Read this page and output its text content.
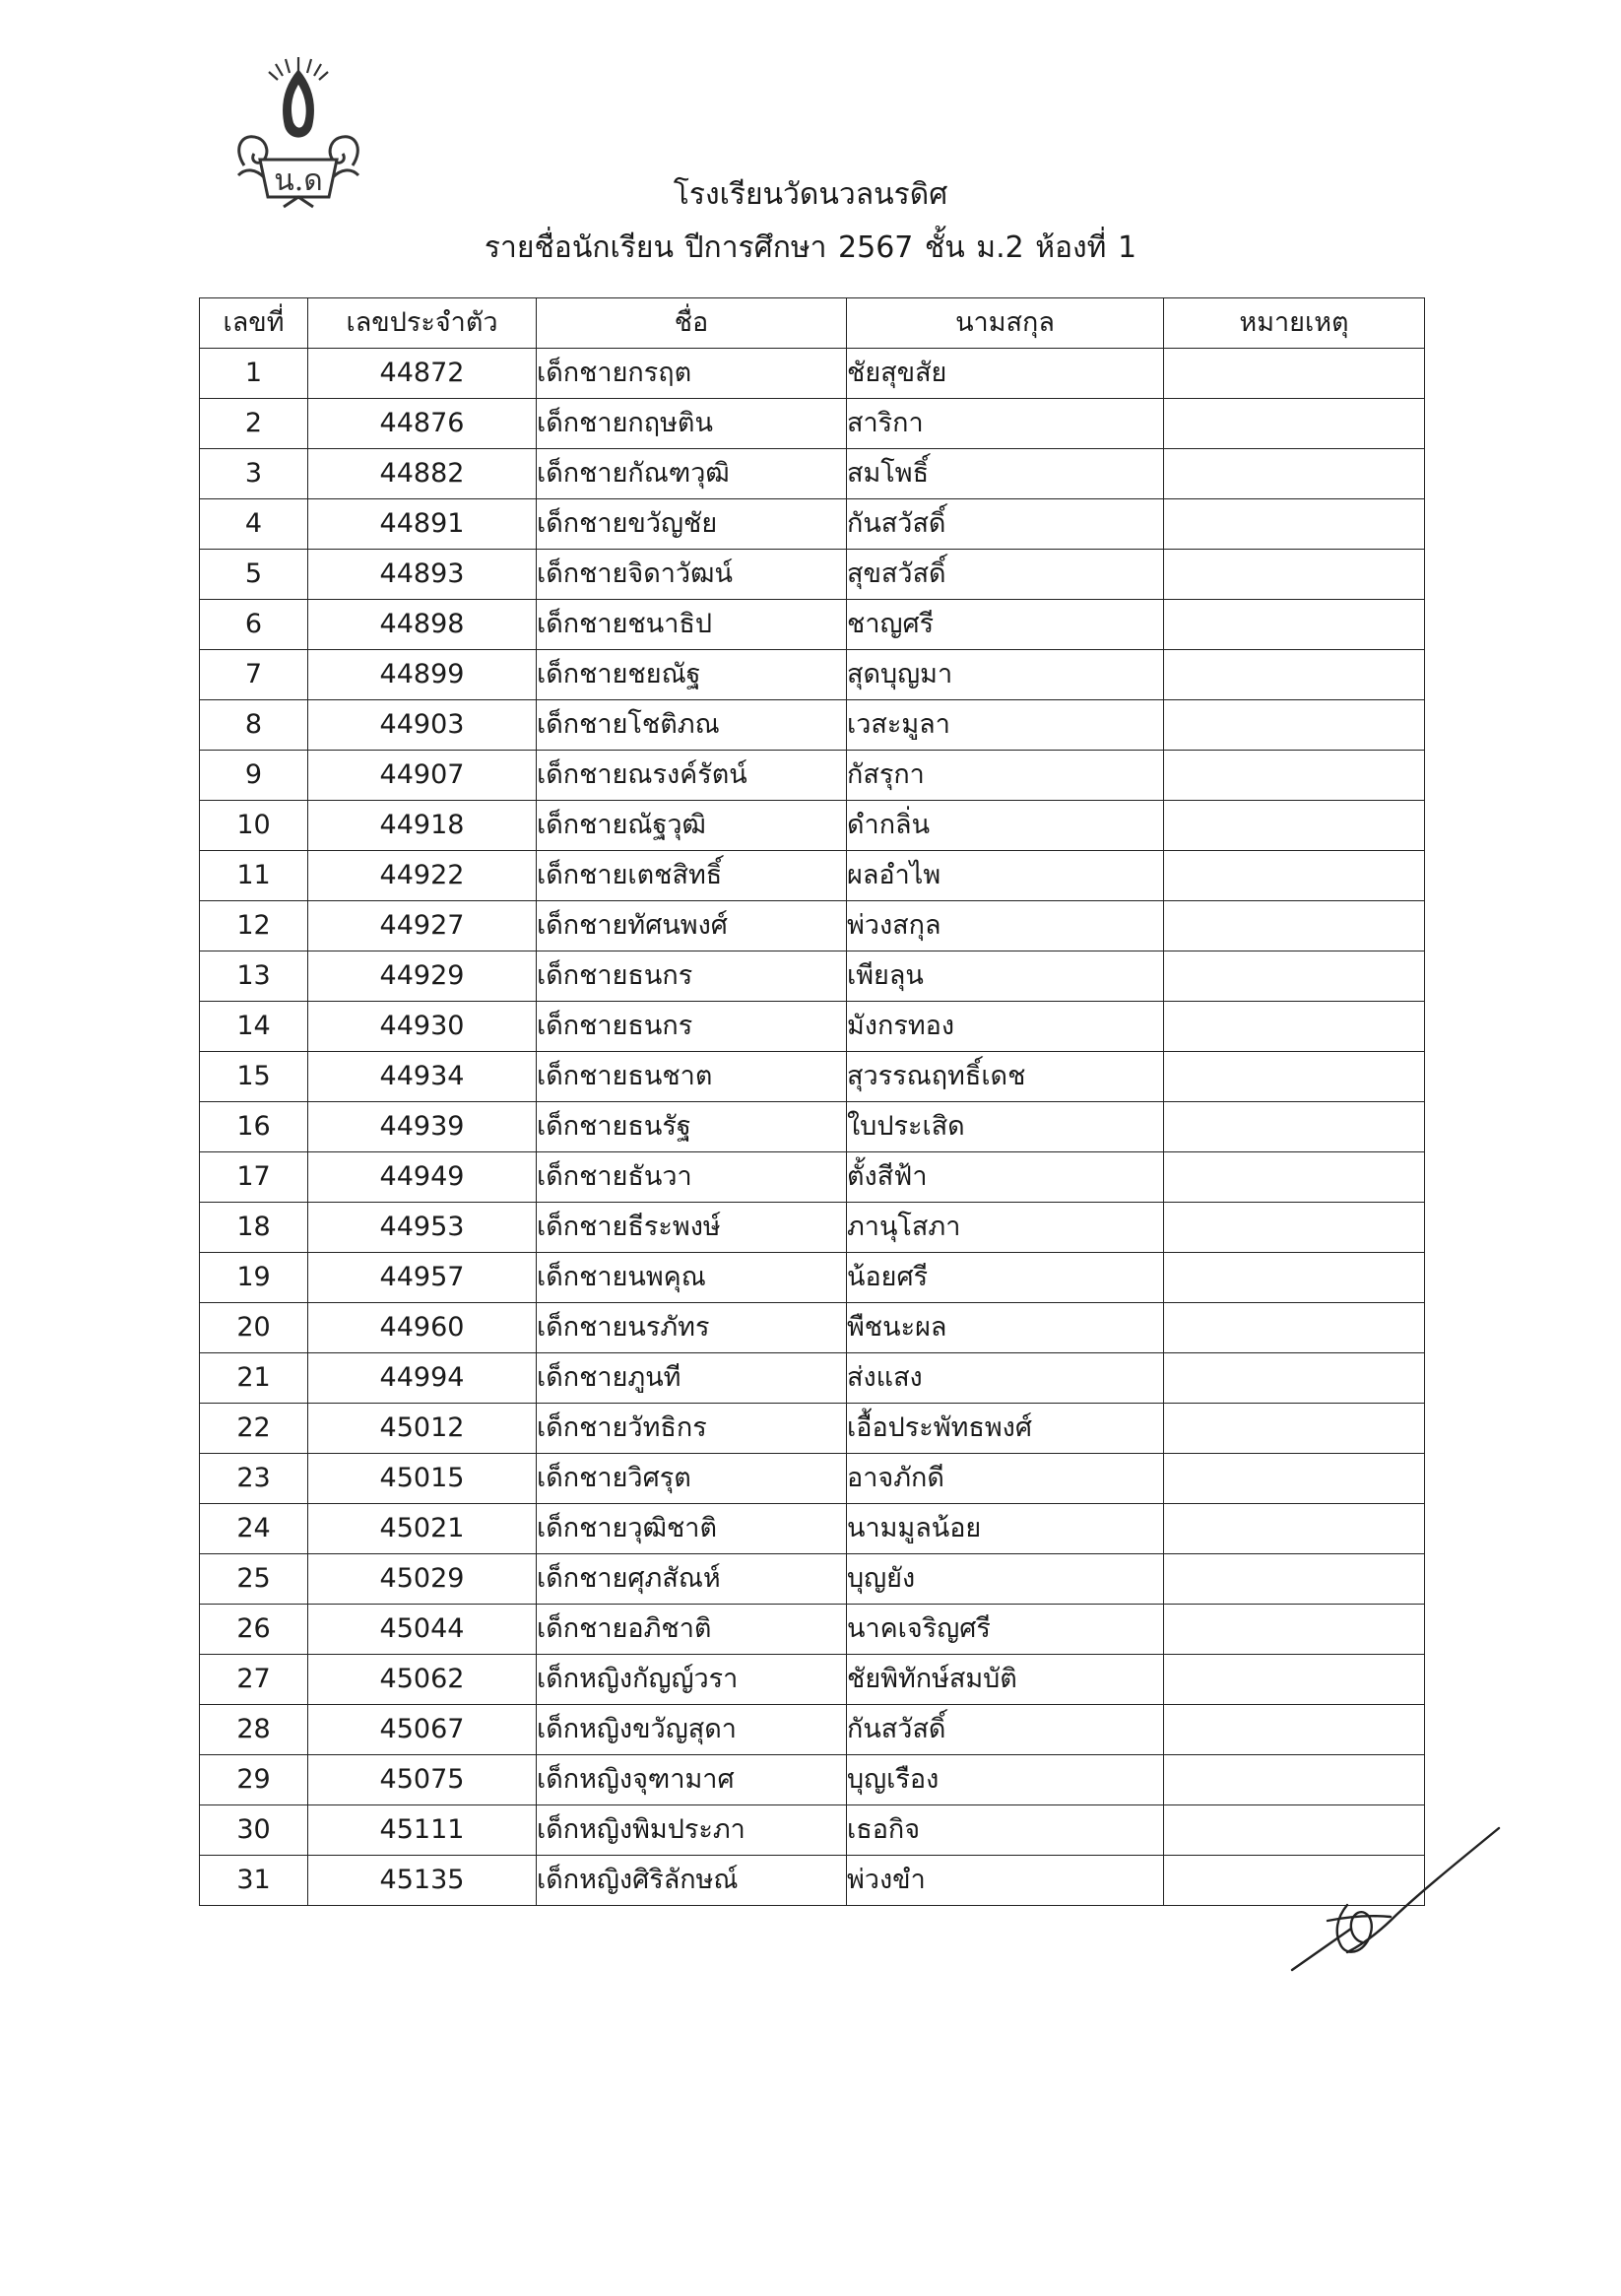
น.ด	โรงเรียนวัดนวลนรดิศ
รายชื่อนักเรียน ปีการศึกษา 2567 ชั้น ม.2 ห้องที่ 1
เลขที่	เลขประจำตัว	ชื่อ	นามสกุล	หมายเหตุ
1	44872	เด็กชายกรฤต	ชัยสุขสัย	
2	44876	เด็กชายกฤษติน	สาริกา	
3	44882	เด็กชายกัณฑวุฒิ	สมโพธิ์	
4	44891	เด็กชายขวัญชัย	กันสวัสดิ์	
5	44893	เด็กชายจิดาวัฒน์	สุขสวัสดิ์	
6	44898	เด็กชายชนาธิป	ชาญศรี	
7	44899	เด็กชายชยณัฐ	สุดบุญมา	
8	44903	เด็กชายโชติภณ	เวสะมูลา	
9	44907	เด็กชายณรงค์รัตน์	กัสรุกา	
10	44918	เด็กชายณัฐวุฒิ	ดำกลิ่น	
11	44922	เด็กชายเตชสิทธิ์	ผลอำไพ	
12	44927	เด็กชายทัศนพงศ์	พ่วงสกุล	
13	44929	เด็กชายธนกร	เพียลุน	
14	44930	เด็กชายธนกร	มังกรทอง	
15	44934	เด็กชายธนชาต	สุวรรณฤทธิ์เดช	
16	44939	เด็กชายธนรัฐ	ใบประเสิด	
17	44949	เด็กชายธันวา	ตั้งสีฟ้า	
18	44953	เด็กชายธีระพงษ์	ภานุโสภา	
19	44957	เด็กชายนพคุณ	น้อยศรี	
20	44960	เด็กชายนรภัทร	พืชนะผล	
21	44994	เด็กชายภูนที	ส่งแสง	
22	45012	เด็กชายวัทธิกร	เอื้อประพัทธพงศ์	
23	45015	เด็กชายวิศรุต	อาจภักดี	
24	45021	เด็กชายวุฒิชาติ	นามมูลน้อย	
25	45029	เด็กชายศุภสัณห์	บุญยัง	
26	45044	เด็กชายอภิชาติ	นาคเจริญศรี	
27	45062	เด็กหญิงกัญญ์วรา	ชัยพิทักษ์สมบัติ	
28	45067	เด็กหญิงขวัญสุดา	กันสวัสดิ์	
29	45075	เด็กหญิงจุฑามาศ	บุญเรือง	
30	45111	เด็กหญิงพิมประภา	เธอกิจ	
31	45135	เด็กหญิงศิริลักษณ์	พ่วงขำ	
